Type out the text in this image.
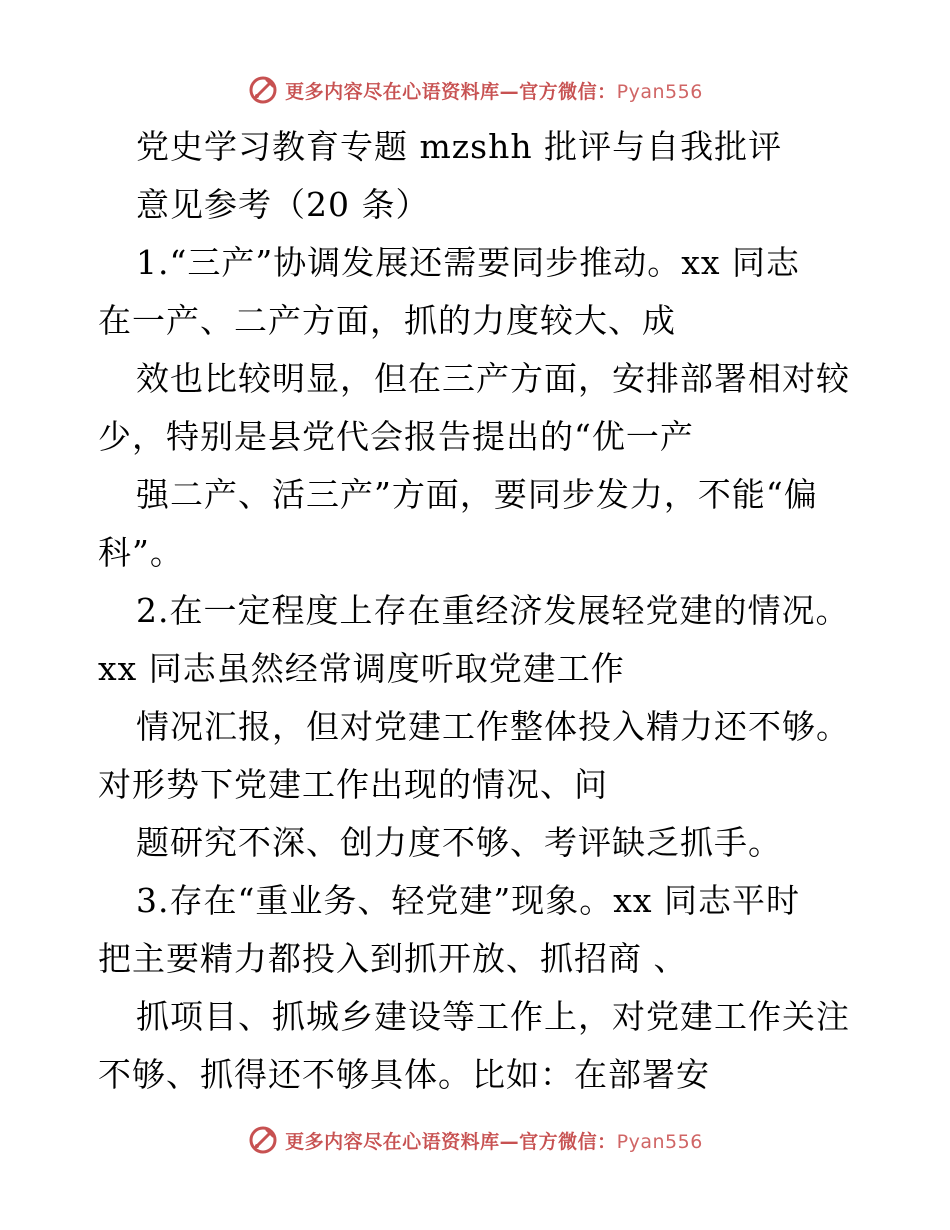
更多内容尽在心语资料库—官方微信：Pyan556
党史学习教育专题 mzshh 批评与自我批评
意见参考（20 条）
1.“三产”协调发展还需要同步推动。xx 同志
在一产、二产方面，抓的力度较大、成
效也比较明显，但在三产方面，安排部署相对较
少，特别是县党代会报告提出的“优一产
强二产、活三产”方面，要同步发力，不能“偏
科”。
2.在一定程度上存在重经济发展轻党建的情况。
xx 同志虽然经常调度听取党建工作
情况汇报，但对党建工作整体投入精力还不够。
对形势下党建工作出现的情况、问
题研究不深、创力度不够、考评缺乏抓手。
3.存在“重业务、轻党建”现象。xx 同志平时
把主要精力都投入到抓开放、抓招商 、
抓项目、抓城乡建设等工作上，对党建工作关注
不够、抓得还不够具体。比如：在部署安
更多内容尽在心语资料库—官方微信：Pyan556
